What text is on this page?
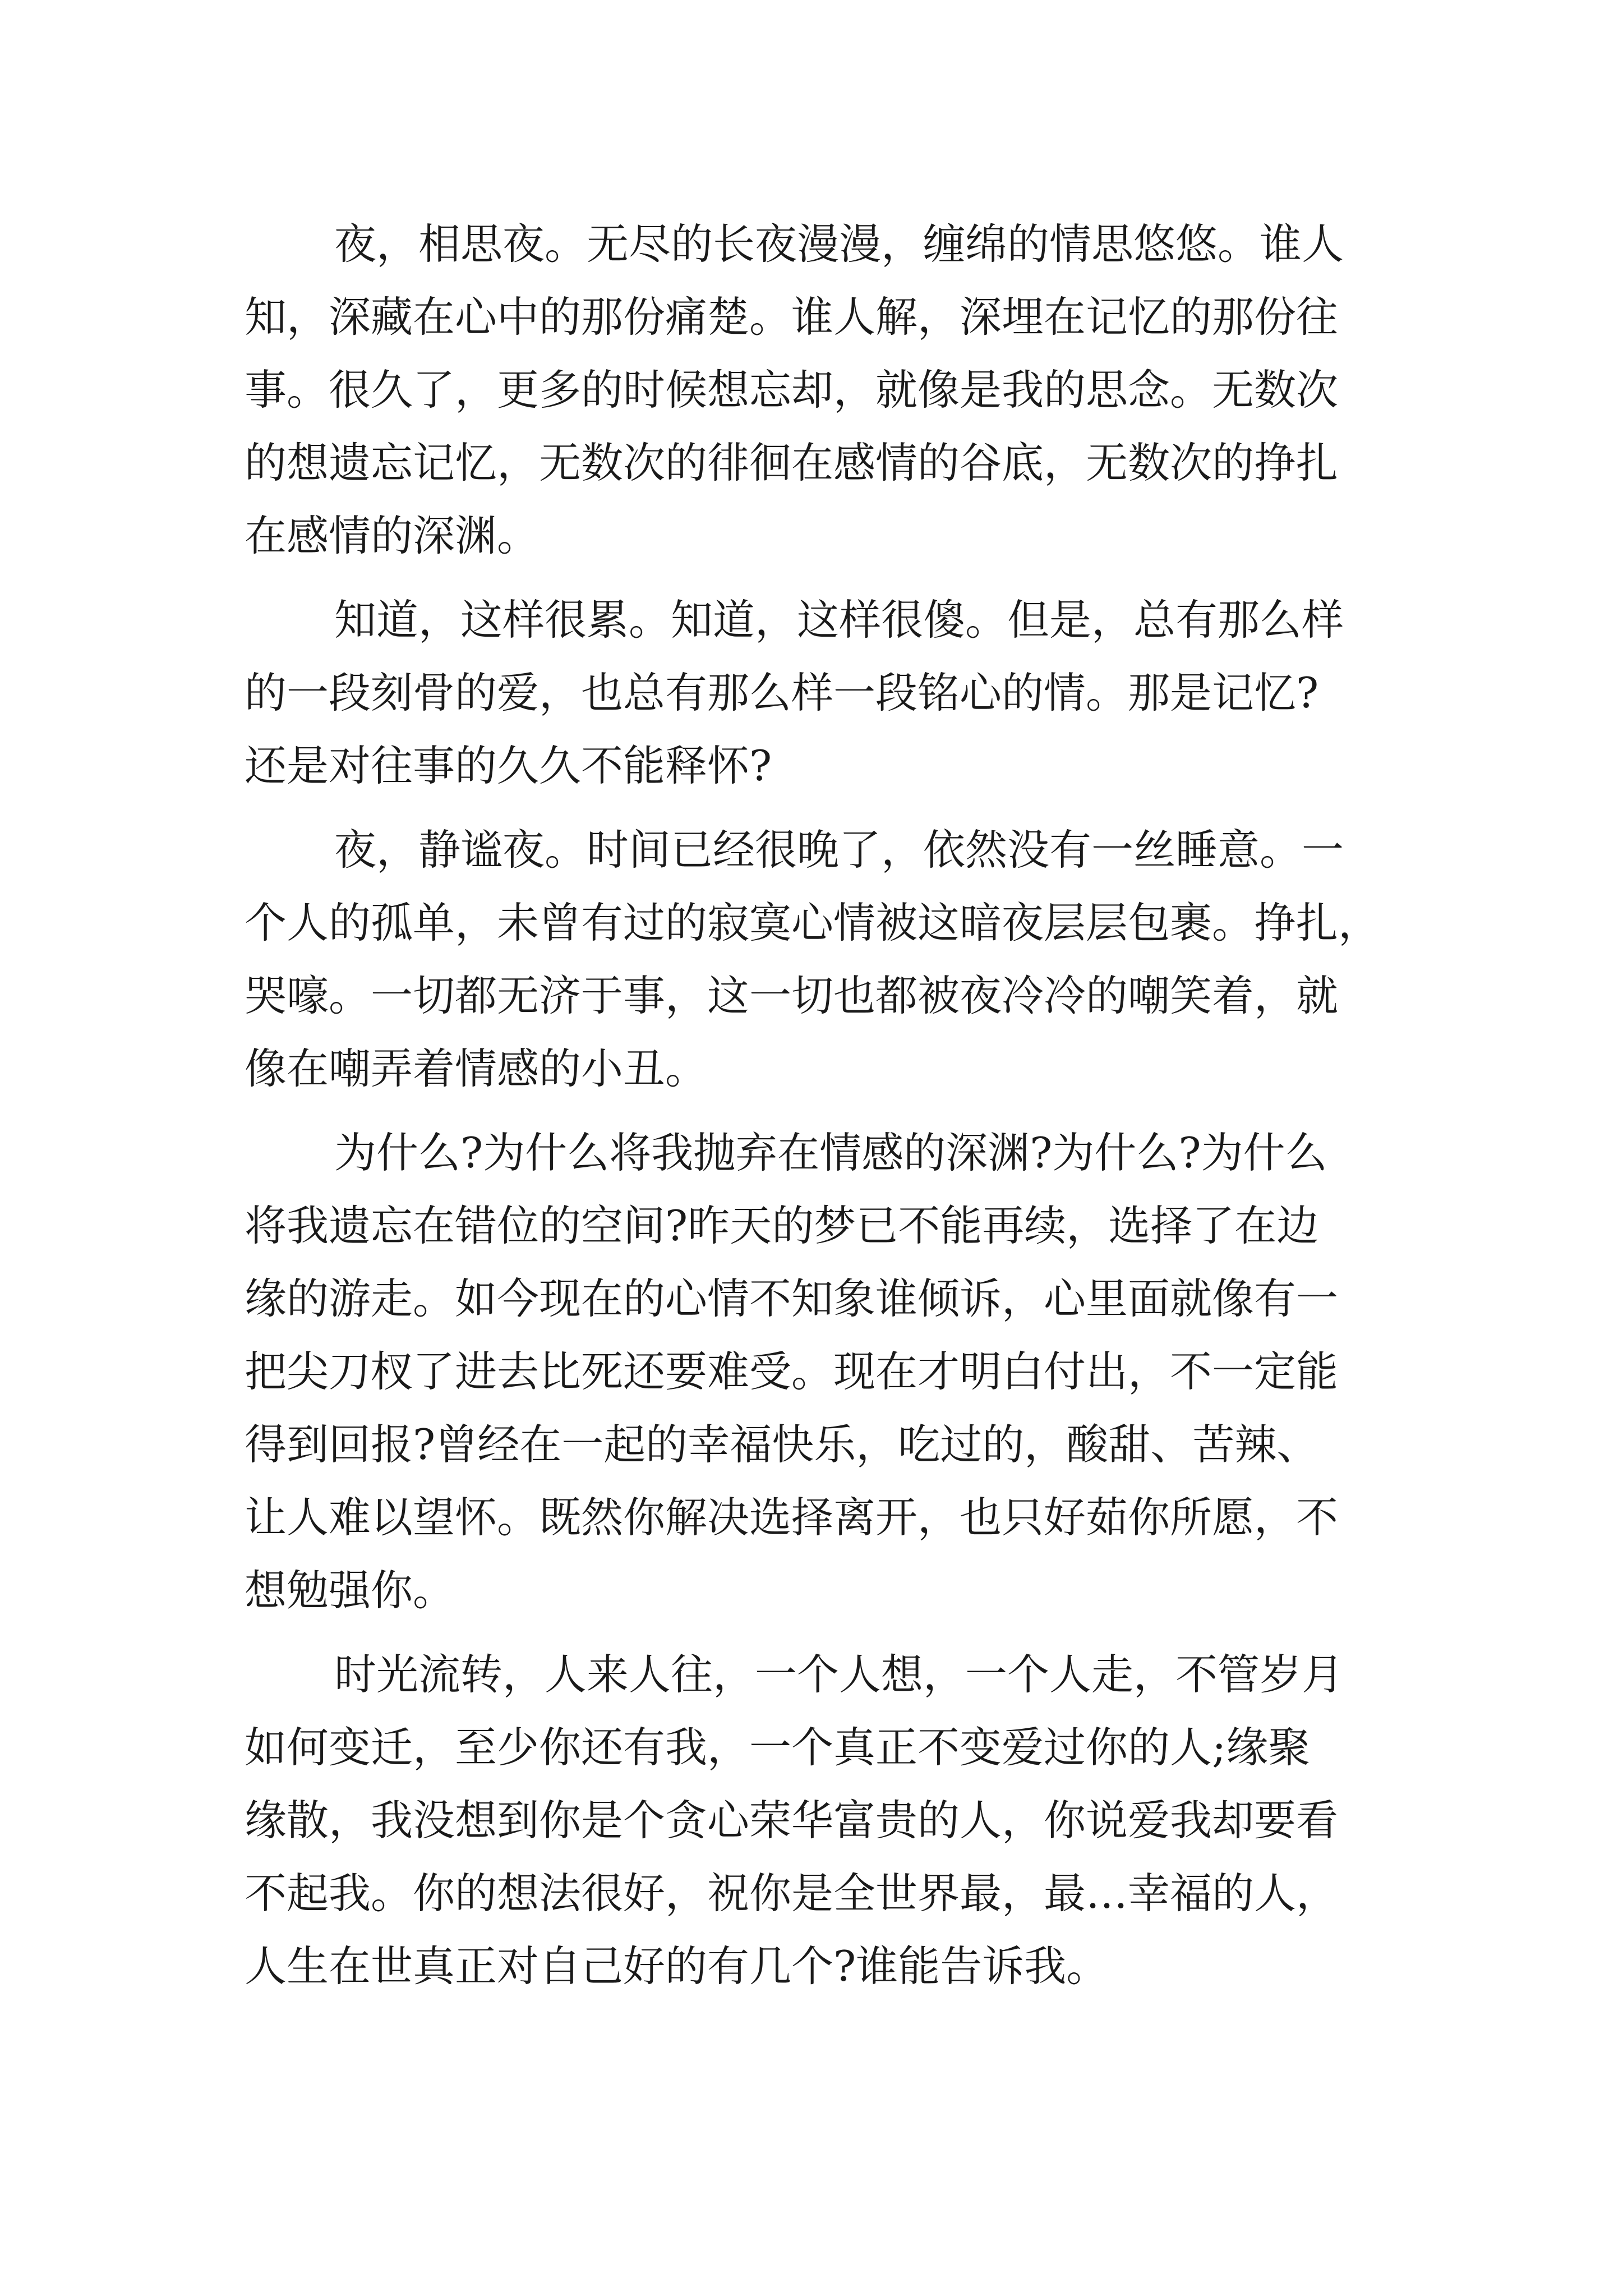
夜，相思夜。无尽的长夜漫漫，缠绵的情思悠悠。谁人
知，深藏在心中的那份痛楚。谁人解，深埋在记忆的那份往
事。很久了，更多的时候想忘却，就像是我的思念。无数次
的想遗忘记忆，无数次的徘徊在感情的谷底，无数次的挣扎
在感情的深渊。
知道，这样很累。知道，这样很傻。但是，总有那么样
的一段刻骨的爱，也总有那么样一段铭心的情。那是记忆?
还是对往事的久久不能释怀?
夜，静谧夜。时间已经很晚了，依然没有一丝睡意。一
个人的孤单，未曾有过的寂寞心情被这暗夜层层包裹。挣扎，
哭嚎。一切都无济于事，这一切也都被夜冷冷的嘲笑着，就
像在嘲弄着情感的小丑。
为什么?为什么将我抛弃在情感的深渊?为什么?为什么
将我遗忘在错位的空间?昨天的梦已不能再续，选择了在边
缘的游走。如今现在的心情不知象谁倾诉，心里面就像有一
把尖刀杈了进去比死还要难受。现在才明白付出，不一定能
得到回报?曾经在一起的幸福快乐，吃过的，酸甜、苦辣、
让人难以望怀。既然你解决选择离开，也只好茹你所愿，不
想勉强你。
时光流转，人来人往，一个人想，一个人走，不管岁月
如何变迁，至少你还有我，一个真正不变爱过你的人;缘聚
缘散，我没想到你是个贪心荣华富贵的人，你说爱我却要看
不起我。你的想法很好，祝你是全世界最，最…幸福的人，
人生在世真正对自己好的有几个?谁能告诉我。
